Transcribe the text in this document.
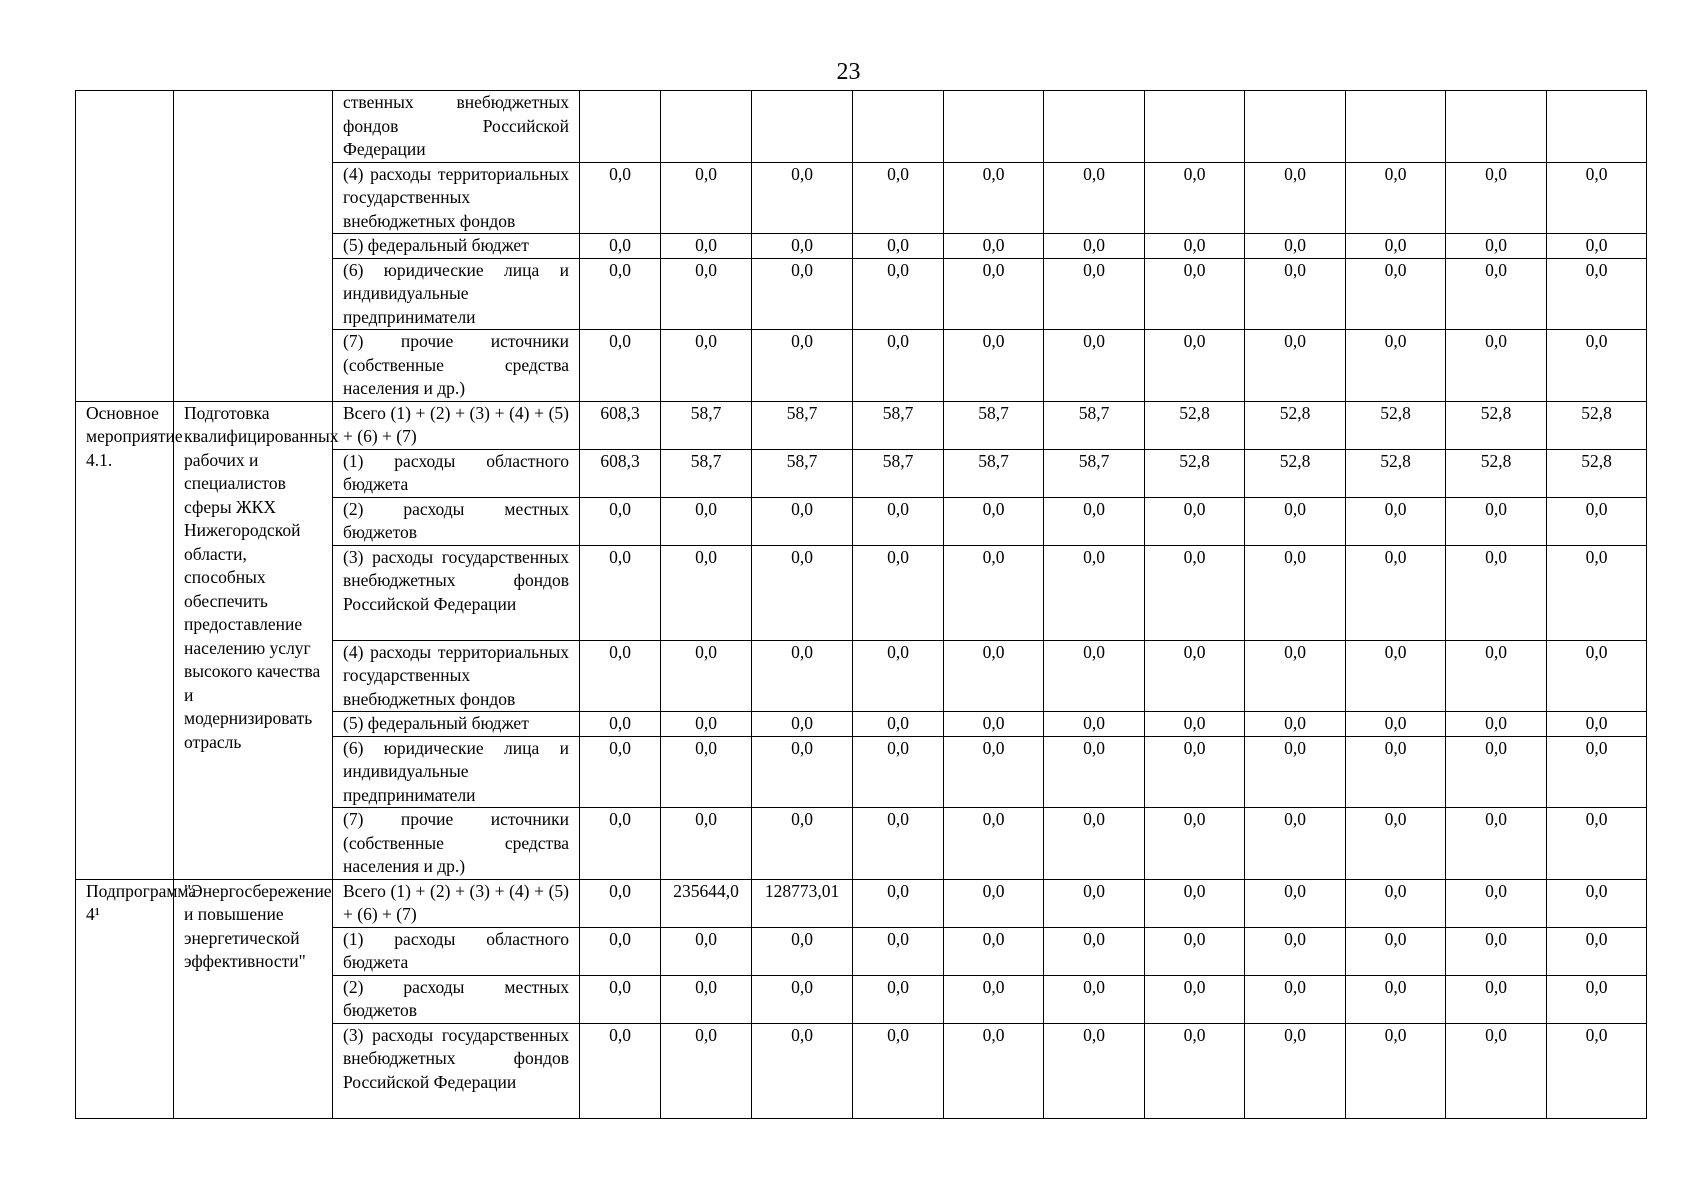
23
		ственных внебюджетных фондов Российской Федерации											
		(4) расходы территориальных государственных внебюджетных фондов	0,0	0,0	0,0	0,0	0,0	0,0	0,0	0,0	0,0	0,0	0,0
		(5) федеральный бюджет	0,0	0,0	0,0	0,0	0,0	0,0	0,0	0,0	0,0	0,0	0,0
		(6) юридические лица и индивидуальные предприниматели	0,0	0,0	0,0	0,0	0,0	0,0	0,0	0,0	0,0	0,0	0,0
		(7) прочие источники (собственные средства населения и др.)	0,0	0,0	0,0	0,0	0,0	0,0	0,0	0,0	0,0	0,0	0,0
Основное мероприятие 4.1.	Подготовка квалифицированных рабочих и специалистов сферы ЖКХ Нижегородской области, способных обеспечить предоставление населению услуг высокого качества и модернизировать отрасль	Всего (1) + (2) + (3) + (4) + (5) + (6) + (7)	608,3	58,7	58,7	58,7	58,7	58,7	52,8	52,8	52,8	52,8	52,8
		(1) расходы областного бюджета	608,3	58,7	58,7	58,7	58,7	58,7	52,8	52,8	52,8	52,8	52,8
		(2) расходы местных бюджетов	0,0	0,0	0,0	0,0	0,0	0,0	0,0	0,0	0,0	0,0	0,0
		(3) расходы государственных внебюджетных фондов Российской Федерации	0,0	0,0	0,0	0,0	0,0	0,0	0,0	0,0	0,0	0,0	0,0
		(4) расходы территориальных государственных внебюджетных фондов	0,0	0,0	0,0	0,0	0,0	0,0	0,0	0,0	0,0	0,0	0,0
		(5) федеральный бюджет	0,0	0,0	0,0	0,0	0,0	0,0	0,0	0,0	0,0	0,0	0,0
		(6) юридические лица и индивидуальные предприниматели	0,0	0,0	0,0	0,0	0,0	0,0	0,0	0,0	0,0	0,0	0,0
		(7) прочие источники (собственные средства населения и др.)	0,0	0,0	0,0	0,0	0,0	0,0	0,0	0,0	0,0	0,0	0,0
Подпрограмма 4¹	"Энергосбережение и повышение энергетической эффективности"	Всего (1) + (2) + (3) + (4) + (5) + (6) + (7)	0,0	235644,0	128773,01	0,0	0,0	0,0	0,0	0,0	0,0	0,0	0,0
		(1) расходы областного бюджета	0,0	0,0	0,0	0,0	0,0	0,0	0,0	0,0	0,0	0,0	0,0
		(2) расходы местных бюджетов	0,0	0,0	0,0	0,0	0,0	0,0	0,0	0,0	0,0	0,0	0,0
		(3) расходы государственных внебюджетных фондов Российской Федерации	0,0	0,0	0,0	0,0	0,0	0,0	0,0	0,0	0,0	0,0	0,0
